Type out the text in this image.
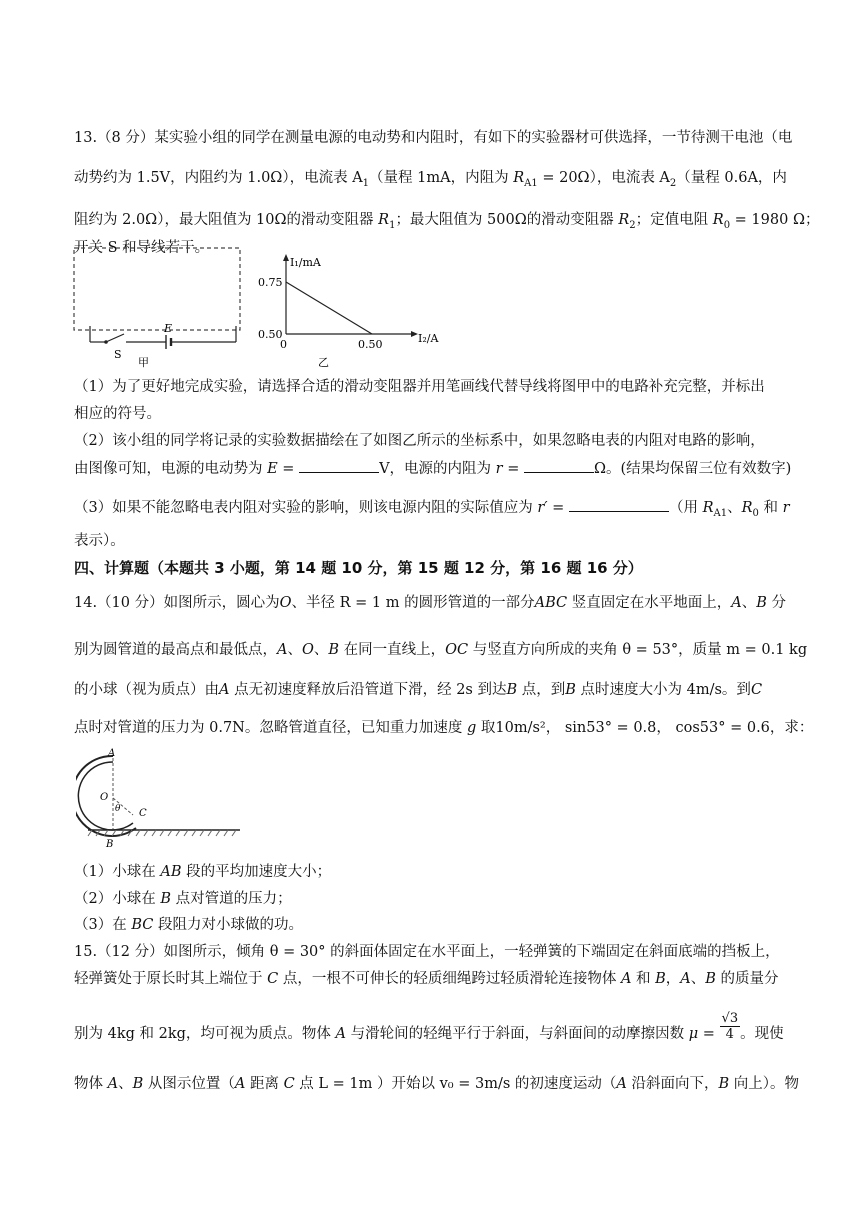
13.（8 分）某实验小组的同学在测量电源的电动势和内阻时，有如下的实验器材可供选择，一节待测干电池（电
动势约为 1.5V，内阻约为 1.0Ω），电流表 $A_1$（量程 1mA，内阻为 $R_{A1} = 20\Omega$），电流表 $A_2$（量程 0.6A，内
阻约为 2.0Ω），最大阻值为 10Ω的滑动变阻器 $R_1$；最大阻值为 500Ω的滑动变阻器 $R_2$；定值电阻 $R_0 = 1980$ Ω；
开关 S 和导线若干。
S
E
甲
I₁/mA
I₂/A
0.75
0.50
0	0.50
乙
（1）为了更好地完成实验，请选择合适的滑动变阻器并用笔画线代替导线将图甲中的电路补充完整，并标出
相应的符号。
（2）该小组的同学将记录的实验数据描绘在了如图乙所示的坐标系中，如果忽略电表的内阻对电路的影响，
由图像可知，电源的电动势为 E =	V，电源的内阻为 r =	Ω。(结果均保留三位有效数字)
（3）如果不能忽略电表内阻对实验的影响，则该电源内阻的实际值应为 r′ =	（用 $R_{A1}$、$R_0$ 和 r
表示）。
四、计算题（本题共 3 小题，第 14 题 10 分，第 15 题 12 分，第 16 题 16 分）
14.（10 分）如图所示，圆心为O、半径 R = 1 m 的圆形管道的一部分ABC 竖直固定在水平地面上，A、B 分
别为圆管道的最高点和最低点，A、O、B 在同一直线上，OC 与竖直方向所成的夹角 θ = 53°，质量 m = 0.1 kg
的小球（视为质点）由A 点无初速度释放后沿管道下滑，经 2s 到达B 点，到B 点时速度大小为 4m/s。到C
点时对管道的压力为 0.7N。忽略管道直径，已知重力加速度 g 取10m/s²， sin53° = 0.8， cos53° = 0.6，求：
A
O
θ C
B
（1）小球在 AB 段的平均加速度大小；
（2）小球在 B 点对管道的压力；
（3）在 BC 段阻力对小球做的功。
15.（12 分）如图所示，倾角 θ = 30° 的斜面体固定在水平面上，一轻弹簧的下端固定在斜面底端的挡板上，
轻弹簧处于原长时其上端位于 C 点，一根不可伸长的轻质细绳跨过轻质滑轮连接物体 A 和 B，A、B 的质量分
别为 4kg 和 2kg，均可视为质点。物体 A 与滑轮间的轻绳平行于斜面，与斜面间的动摩擦因数 $\mu = \frac{√3}{4}$ 。现使
物体 A、B 从图示位置（A 距离 C 点 L = 1m ）开始以 v₀ = 3m/s 的初速度运动（A 沿斜面向下，B 向上）。物
